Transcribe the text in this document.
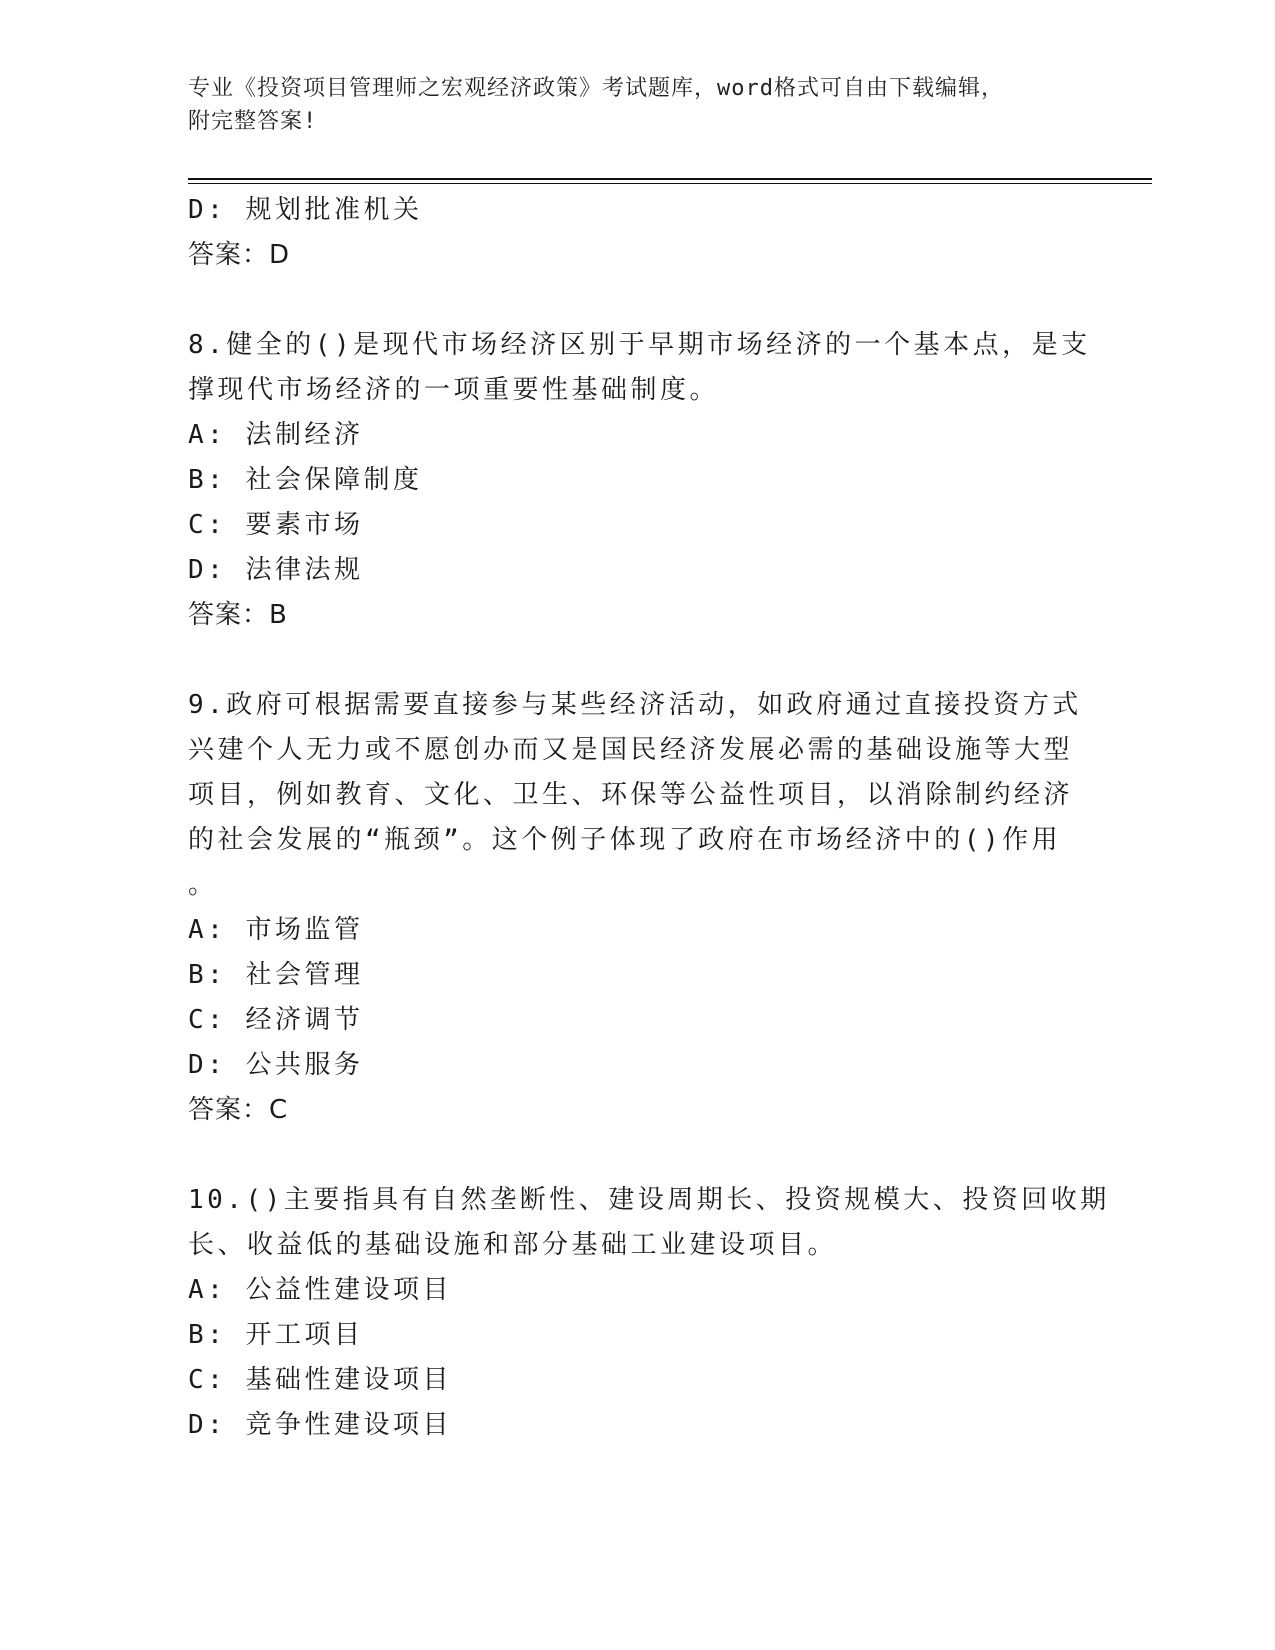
专业《投资项目管理师之宏观经济政策》考试题库，word格式可自由下载编辑，
附完整答案!
D: 规划批准机关
答案：D
8.健全的()是现代市场经济区别于早期市场经济的一个基本点，是支
撑现代市场经济的一项重要性基础制度。
A: 法制经济
B: 社会保障制度
C: 要素市场
D: 法律法规
答案：B
9.政府可根据需要直接参与某些经济活动，如政府通过直接投资方式
兴建个人无力或不愿创办而又是国民经济发展必需的基础设施等大型
项目，例如教育、文化、卫生、环保等公益性项目，以消除制约经济
的社会发展的“瓶颈”。这个例子体现了政府在市场经济中的()作用
。
A: 市场监管
B: 社会管理
C: 经济调节
D: 公共服务
答案：C
10.()主要指具有自然垄断性、建设周期长、投资规模大、投资回收期
长、收益低的基础设施和部分基础工业建设项目。
A: 公益性建设项目
B: 开工项目
C: 基础性建设项目
D: 竞争性建设项目
